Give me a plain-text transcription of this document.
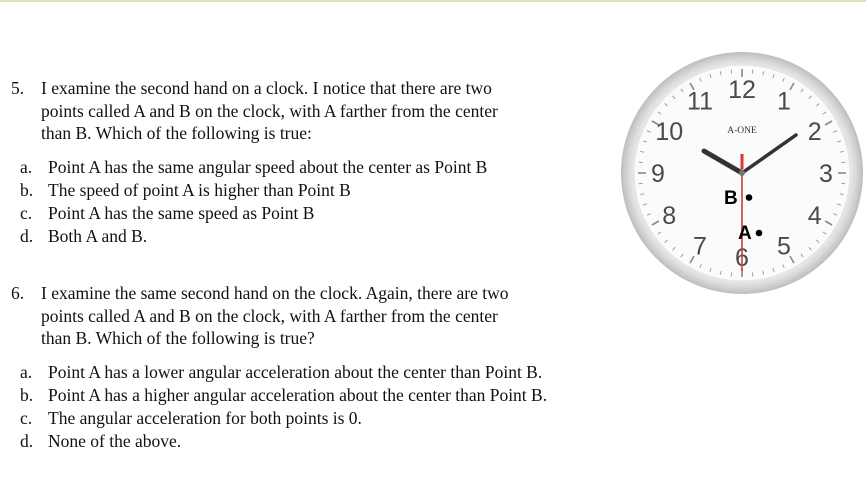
5. I examine the second hand on a clock. I notice that there are two
points called A and B on the clock, with A farther from the center
than B. Which of the following is true:
a. Point A has the same angular speed about the center as Point B
b. The speed of point A is higher than Point B
c. Point A has the same speed as Point B
d. Both A and B.
6. I examine the same second hand on the clock. Again, there are two
points called A and B on the clock, with A farther from the center
than B. Which of the following is true?
a. Point A has a lower angular acceleration about the center than Point B.
b. Point A has a higher angular acceleration about the center than Point B.
c. The angular acceleration for both points is 0.
d. None of the above.
12 1
2
3
4
5
6
7
8
9
10
11
A-ONE
B
A
